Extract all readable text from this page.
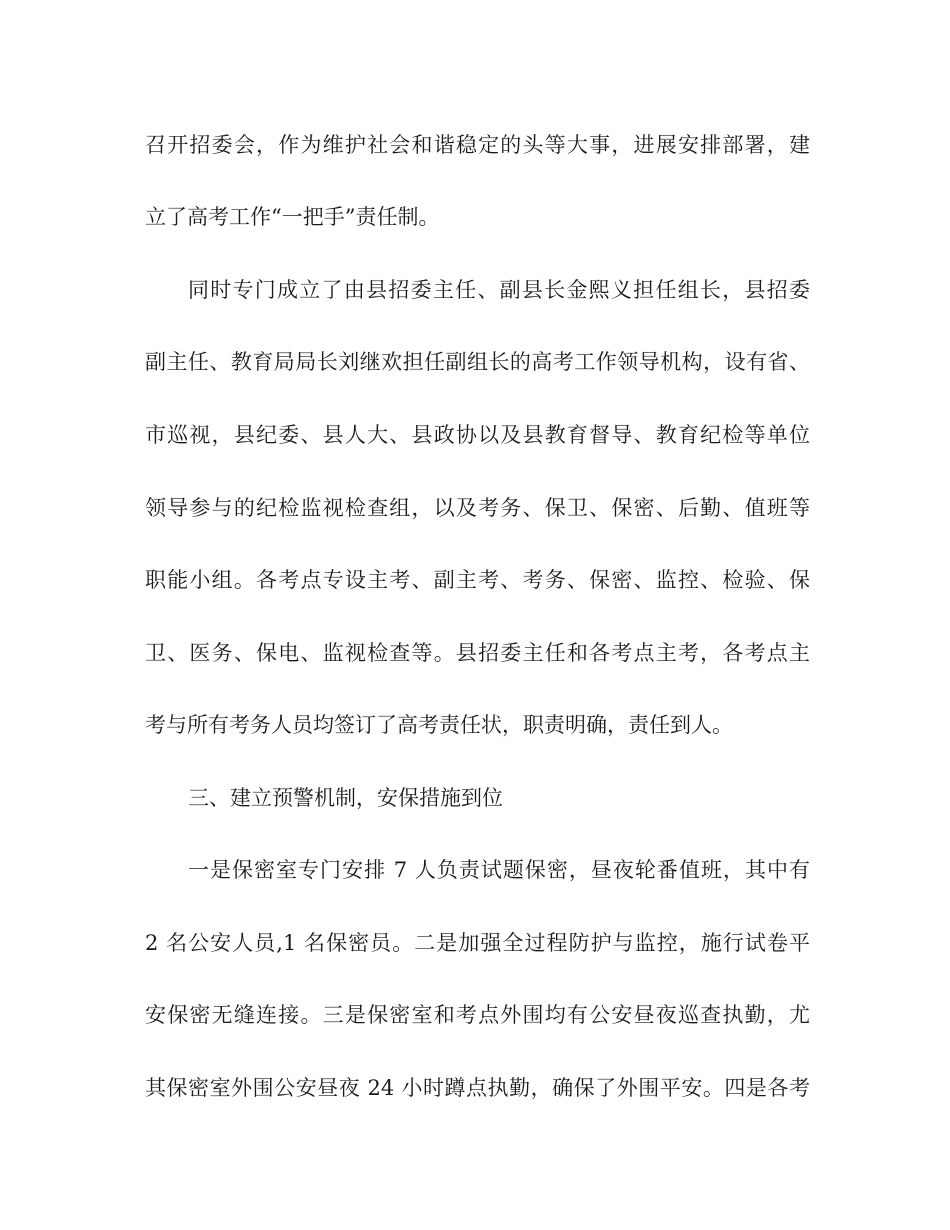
召开招委会，作为维护社会和谐稳定的头等大事，进展安排部署，建
立了高考工作“一把手”责任制。
同时专门成立了由县招委主任、副县长金熙义担任组长，县招委
副主任、教育局局长刘继欢担任副组长的高考工作领导机构，设有省、
市巡视，县纪委、县人大、县政协以及县教育督导、教育纪检等单位
领导参与的纪检监视检查组，以及考务、保卫、保密、后勤、值班等
职能小组。各考点专设主考、副主考、考务、保密、监控、检验、保
卫、医务、保电、监视检查等。县招委主任和各考点主考，各考点主
考与所有考务人员均签订了高考责任状，职责明确，责任到人。
三、建立预警机制，安保措施到位
一是保密室专门安排 7 人负责试题保密，昼夜轮番值班，其中有
2 名公安人员,1 名保密员。二是加强全过程防护与监控，施行试卷平
安保密无缝连接。三是保密室和考点外围均有公安昼夜巡查执勤，尤
其保密室外围公安昼夜 24 小时蹲点执勤，确保了外围平安。四是各考
